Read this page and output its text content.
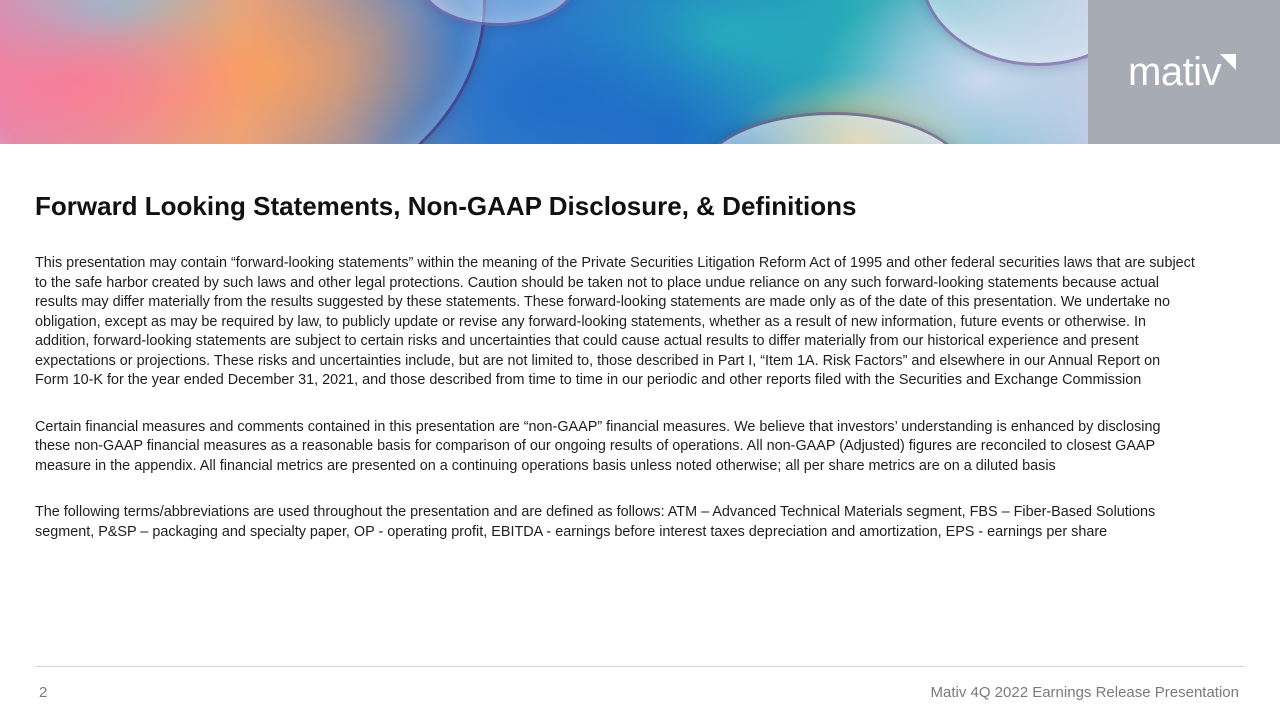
mativ
Forward Looking Statements, Non-GAAP Disclosure, & Definitions

This presentation may contain “forward-looking statements” within the meaning of the Private Securities Litigation Reform Act of 1995 and other federal securities laws that are subject to the safe harbor created by such laws and other legal protections. Caution should be taken not to place undue reliance on any such forward-looking statements because actual results may differ materially from the results suggested by these statements. These forward-looking statements are made only as of the date of this presentation. We undertake no obligation, except as may be required by law, to publicly update or revise any forward-looking statements, whether as a result of new information, future events or otherwise. In addition, forward-looking statements are subject to certain risks and uncertainties that could cause actual results to differ materially from our historical experience and present expectations or projections. These risks and uncertainties include, but are not limited to, those described in Part I, “Item 1A. Risk Factors” and elsewhere in our Annual Report on Form 10-K for the year ended December 31, 2021, and those described from time to time in our periodic and other reports filed with the Securities and Exchange Commission

Certain financial measures and comments contained in this presentation are “non-GAAP” financial measures. We believe that investors’ understanding is enhanced by disclosing these non-GAAP financial measures as a reasonable basis for comparison of our ongoing results of operations. All non-GAAP (Adjusted) figures are reconciled to closest GAAP measure in the appendix. All financial metrics are presented on a continuing operations basis unless noted otherwise; all per share metrics are on a diluted basis

The following terms/abbreviations are used throughout the presentation and are defined as follows: ATM – Advanced Technical Materials segment, FBS – Fiber-Based Solutions segment, P&SP – packaging and specialty paper, OP - operating profit, EBITDA - earnings before interest taxes depreciation and amortization, EPS - earnings per share

2	Mativ 4Q 2022 Earnings Release Presentation
